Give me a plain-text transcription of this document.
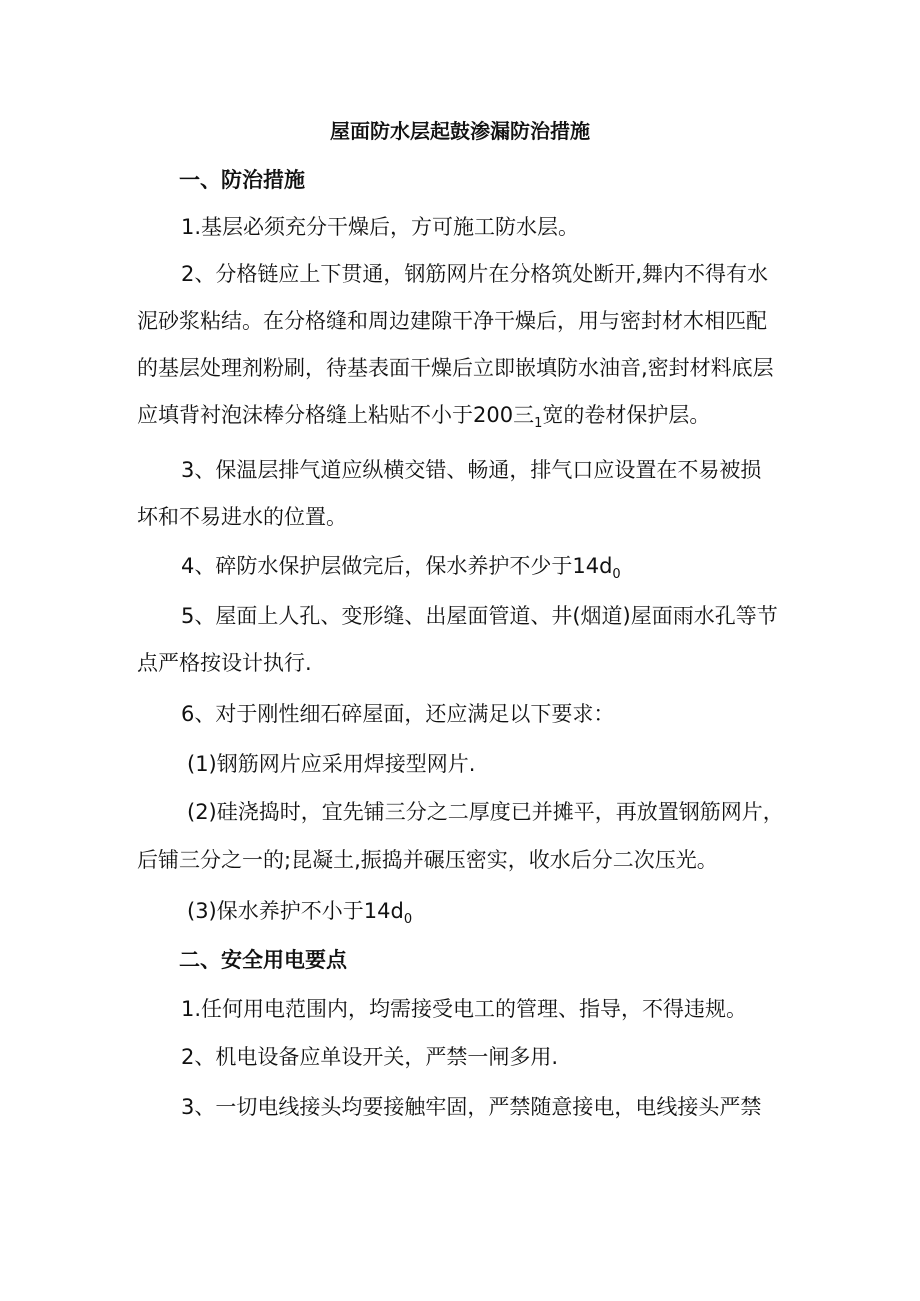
屋面防水层起鼓渗漏防治措施
一、防治措施
1.基层必须充分干燥后，方可施工防水层。
2、分格链应上下贯通，钢筋网片在分格筑处断开,舞内不得有水
泥砂浆粘结。在分格缝和周边建隙干净干燥后，用与密封材木相匹配
的基层处理剂粉刷，待基表面干燥后立即嵌填防水油音,密封材料底层
应填背衬泡沫棒分格缝上粘贴不小于200三$_1$宽的卷材保护层。
3、保温层排气道应纵横交错、畅通，排气口应设置在不易被损
坏和不易进水的位置。
4、碎防水保护层做完后，保水养护不少于$14d_0$
5、屋面上人孔、变形缝、出屋面管道、井(烟道)屋面雨水孔等节
点严格按设计执行.
6、对于刚性细石碎屋面，还应满足以下要求：
(1)钢筋网片应采用焊接型网片.
(2)硅浇捣时，宜先铺三分之二厚度已并摊平，再放置钢筋网片，
后铺三分之一的;昆凝土,振捣并碾压密实，收水后分二次压光。
(3)保水养护不小于$14d_0$
二、安全用电要点
1.任何用电范围内，均需接受电工的管理、指导，不得违规。
2、机电设备应单设开关，严禁一闸多用.
3、一切电线接头均要接触牢固，严禁随意接电，电线接头严禁
